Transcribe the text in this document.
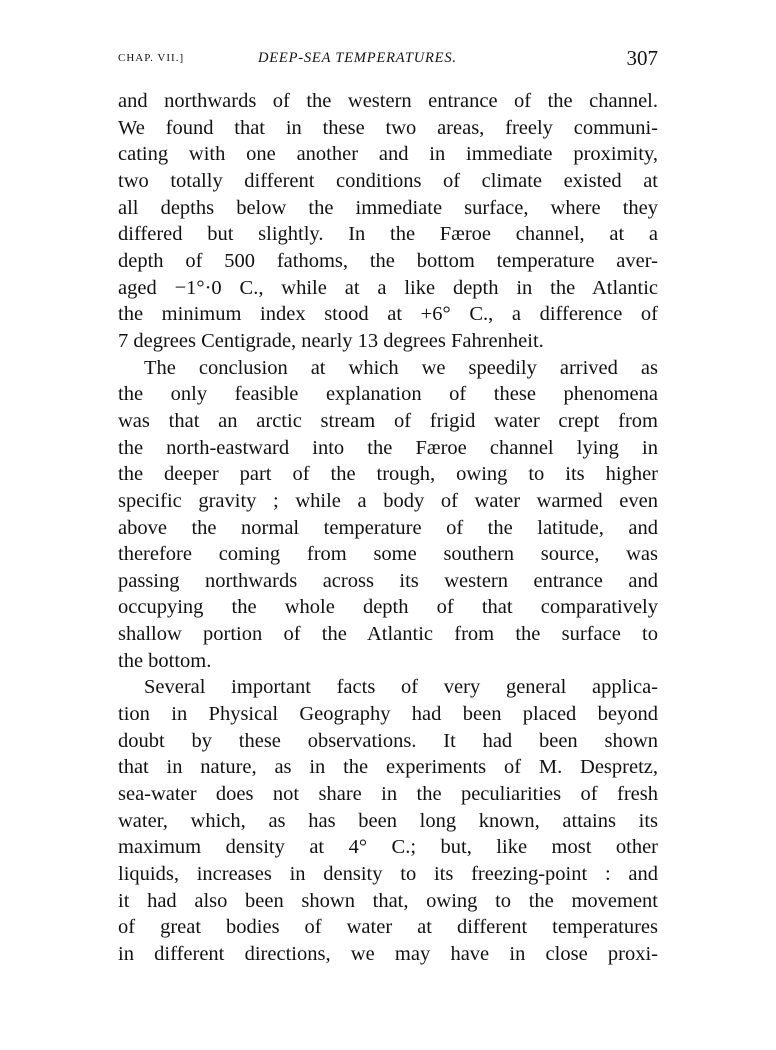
CHAP. VII.]	DEEP-SEA TEMPERATURES.	307
and northwards of the western entrance of the channel.
We found that in these two areas, freely communi-
cating with one another and in immediate proximity,
two totally different conditions of climate existed at
all depths below the immediate surface, where they
differed but slightly. In the Færoe channel, at a
depth of 500 fathoms, the bottom temperature aver-
aged −1°·0 C., while at a like depth in the Atlantic
the minimum index stood at +6° C., a difference of
7 degrees Centigrade, nearly 13 degrees Fahrenheit.
The conclusion at which we speedily arrived as
the only feasible explanation of these phenomena
was that an arctic stream of frigid water crept from
the north-eastward into the Færoe channel lying in
the deeper part of the trough, owing to its higher
specific gravity ; while a body of water warmed even
above the normal temperature of the latitude, and
therefore coming from some southern source, was
passing northwards across its western entrance and
occupying the whole depth of that comparatively
shallow portion of the Atlantic from the surface to
the bottom.
Several important facts of very general applica-
tion in Physical Geography had been placed beyond
doubt by these observations. It had been shown
that in nature, as in the experiments of M. Despretz,
sea-water does not share in the peculiarities of fresh
water, which, as has been long known, attains its
maximum density at 4° C.; but, like most other
liquids, increases in density to its freezing-point : and
it had also been shown that, owing to the movement
of great bodies of water at different temperatures
in different directions, we may have in close proxi-
